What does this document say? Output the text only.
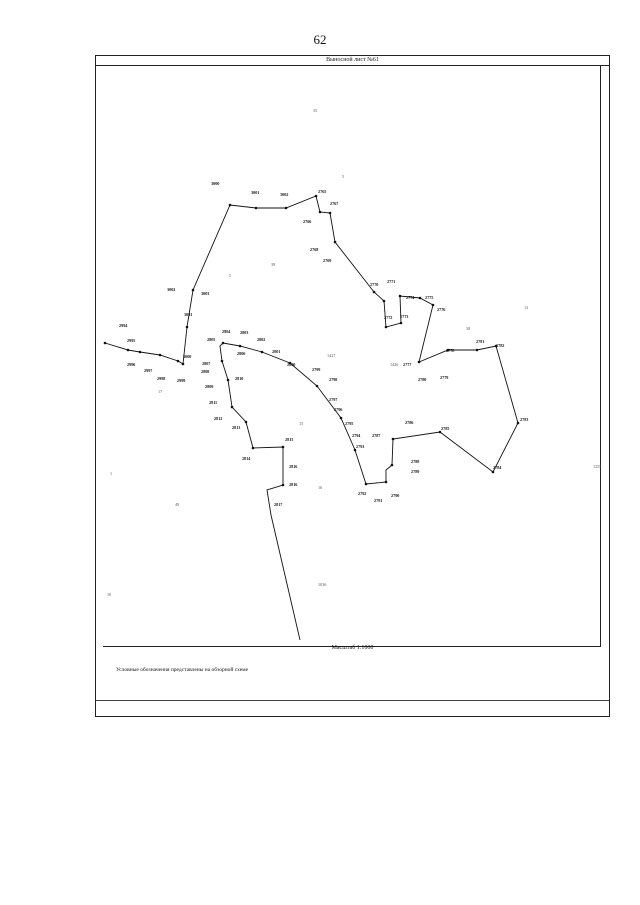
62
Выносной лист №61
Масштаб 1:1000
Условные обозначения представлены на обзорной схеме
3000
3001	3002
2765
2767
2766
2768
2769
2770
2771
2772 2773
2774	2775
2776
2777
2778
2779
2780
2781
2782
2783
2784
2785
2786
2787
2788
2789
2790
2791
2792
2793
2794
2795
2796
2797
2798
2799
2800
2801
2802
2803
2804
2805
2806
2807
2808
2809
2810
2811
2812
2813
2814
2815
2816
2817
2816
2994
2995
2996
2997
2998	2999
3000
3001
3002
3003
35
5
39
5
1427
1426
15
17
16
13
1255
1
49
10
1036
38
